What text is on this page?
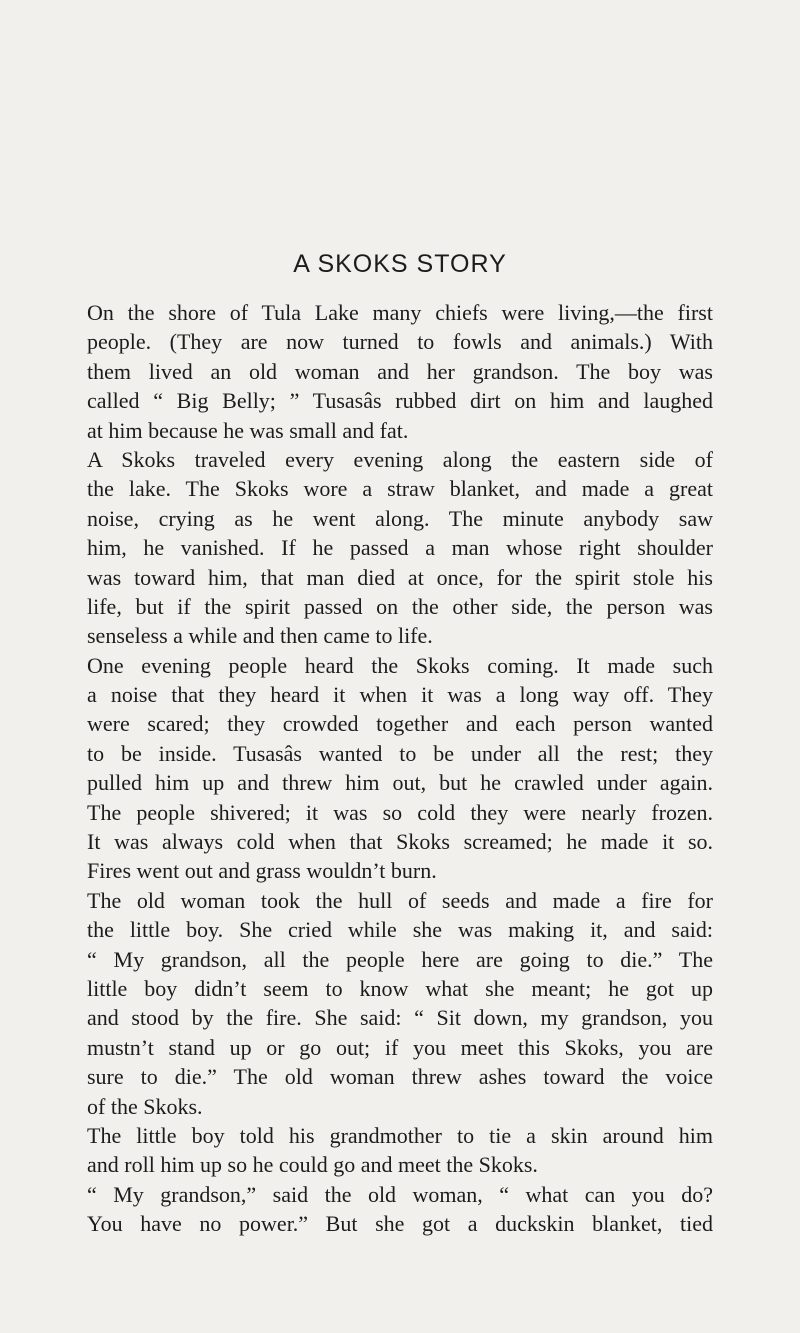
A SKOKS STORY
On the shore of Tula Lake many chiefs were living,—the first
people. (They are now turned to fowls and animals.) With
them lived an old woman and her grandson. The boy was
called “ Big Belly; ” Tusasâs rubbed dirt on him and laughed
at him because he was small and fat.
A Skoks traveled every evening along the eastern side of
the lake. The Skoks wore a straw blanket, and made a great
noise, crying as he went along. The minute anybody saw
him, he vanished. If he passed a man whose right shoulder
was toward him, that man died at once, for the spirit stole his
life, but if the spirit passed on the other side, the person was
senseless a while and then came to life.
One evening people heard the Skoks coming. It made such
a noise that they heard it when it was a long way off. They
were scared; they crowded together and each person wanted
to be inside. Tusasâs wanted to be under all the rest; they
pulled him up and threw him out, but he crawled under again.
The people shivered; it was so cold they were nearly frozen.
It was always cold when that Skoks screamed; he made it so.
Fires went out and grass wouldn’t burn.
The old woman took the hull of seeds and made a fire for
the little boy. She cried while she was making it, and said:
“ My grandson, all the people here are going to die.” The
little boy didn’t seem to know what she meant; he got up
and stood by the fire. She said: “ Sit down, my grandson, you
mustn’t stand up or go out; if you meet this Skoks, you are
sure to die.” The old woman threw ashes toward the voice
of the Skoks.
The little boy told his grandmother to tie a skin around him
and roll him up so he could go and meet the Skoks.
“ My grandson,” said the old woman, “ what can you do?
You have no power.” But she got a duckskin blanket, tied
